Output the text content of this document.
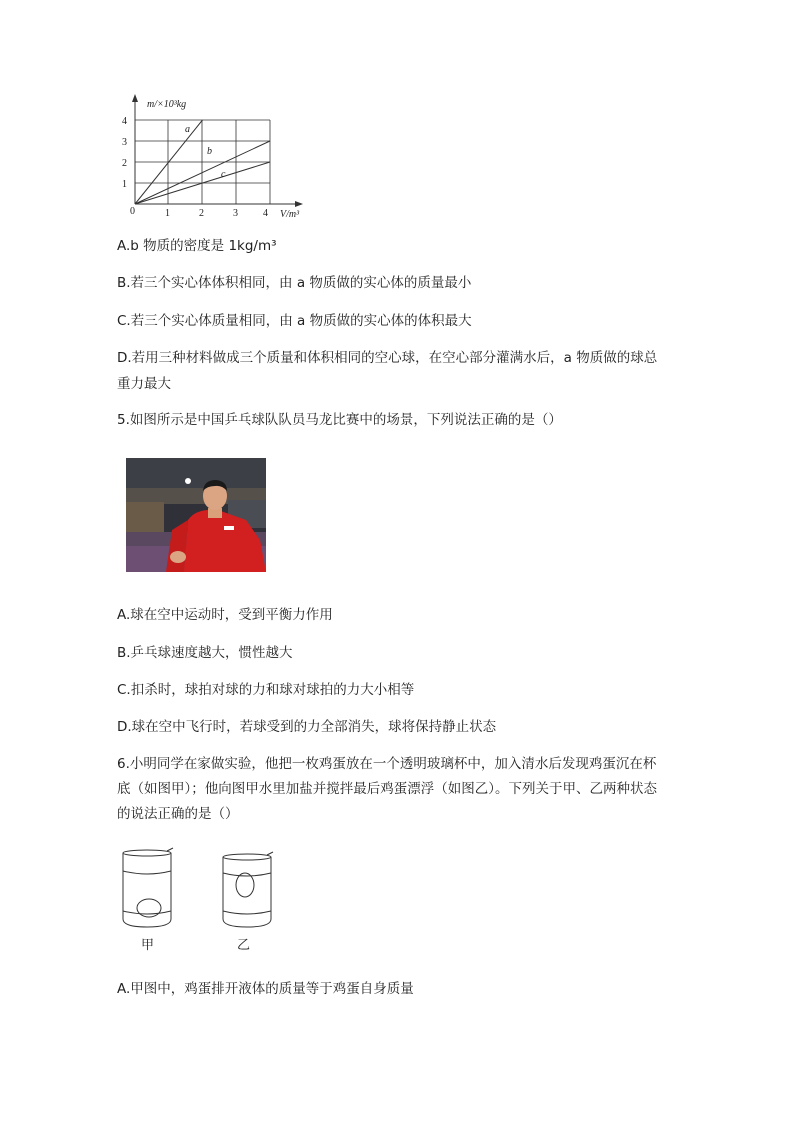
m/×10³kg
V/m³
0	1	2	3	4
1
2
3
4
a
b
c
A.b 物质的密度是 1kg/m³
B.若三个实心体体积相同，由 a 物质做的实心体的质量最小
C.若三个实心体质量相同，由 a 物质做的实心体的体积最大
D.若用三种材料做成三个质量和体积相同的空心球，在空心部分灌满水后，a 物质做的球总
重力最大
5.如图所示是中国乒乓球队队员马龙比赛中的场景，下列说法正确的是（）
A.球在空中运动时，受到平衡力作用
B.乒乓球速度越大，惯性越大
C.扣杀时，球拍对球的力和球对球拍的力大小相等
D.球在空中飞行时，若球受到的力全部消失，球将保持静止状态
6.小明同学在家做实验，他把一枚鸡蛋放在一个透明玻璃杯中，加入清水后发现鸡蛋沉在杯
底（如图甲）；他向图甲水里加盐并搅拌最后鸡蛋漂浮（如图乙）。下列关于甲、乙两种状态
的说法正确的是（）
甲	乙
A.甲图中，鸡蛋排开液体的质量等于鸡蛋自身质量
